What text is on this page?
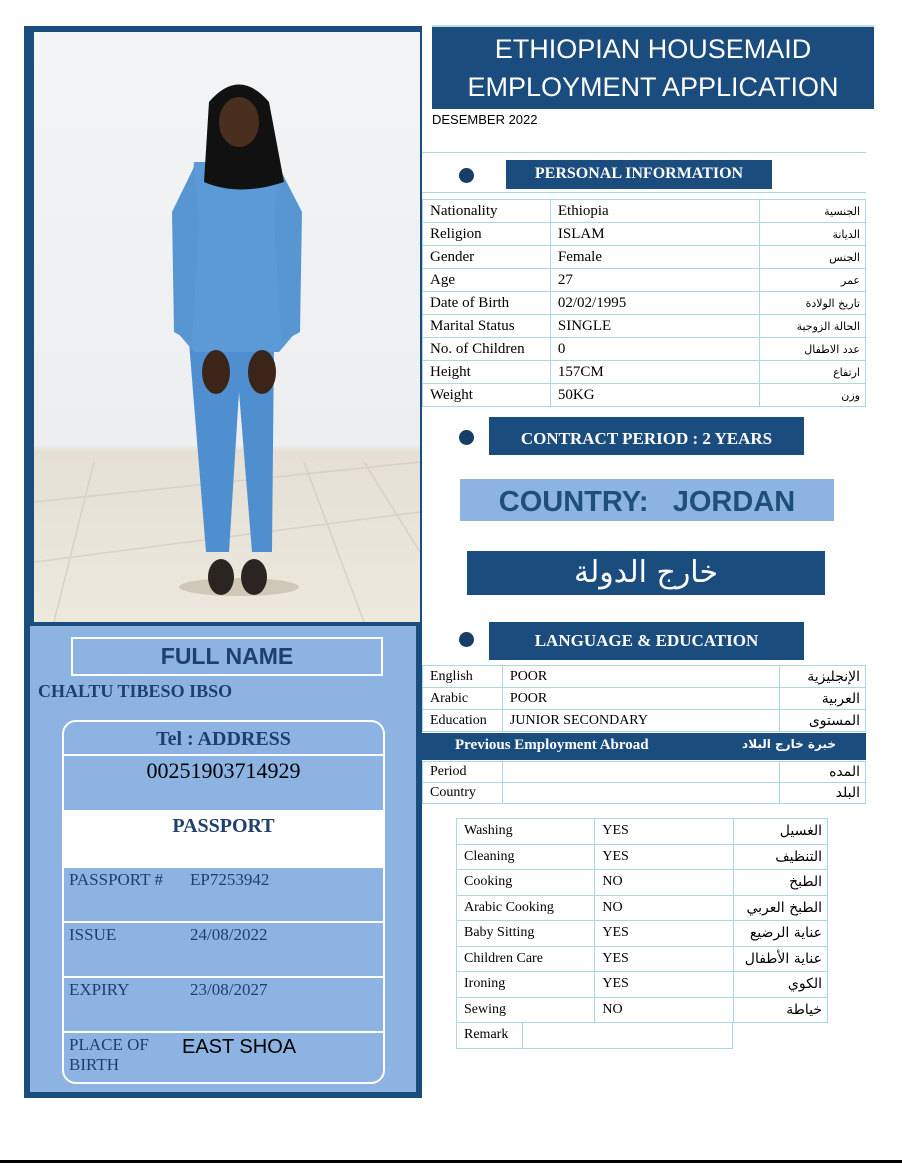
FULL NAME
CHALTU TIBESO IBSO
Tel : ADDRESS
00251903714929
PASSPORT
PASSPORT # EP7253942
ISSUE	24/08/2022
EXPIRY	23/08/2027
PLACE OF BIRTH
EAST SHOA
ETHIOPIAN HOUSEMAID
EMPLOYMENT APPLICATION
DESEMBER 2022
PERSONAL INFORMATION
Nationality	Ethiopia	الجنسية
Religion	ISLAM	الديانة
Gender	Female	الجنس
Age	27	عمر
Date of Birth	02/02/1995	تاريخ الولادة
Marital Status	SINGLE	الحالة الزوجية
No. of Children	0	عدد الاطفال
Height	157CM	ارتفاع
Weight	50KG	وزن
CONTRACT PERIOD : 2 YEARS
COUNTRY:   JORDAN
خارج الدولة
LANGUAGE & EDUCATION
English	POOR	الإنجليزية
Arabic	POOR	العربية
Education	JUNIOR SECONDARY	المستوى
Previous Employment Abroad	خبرة خارج البلاد
Period		المده
Country		البلد
Washing	YES	الغسيل
Cleaning	YES	التنظيف
Cooking	NO	الطبخ
Arabic Cooking	NO	الطبخ العربي
Baby Sitting	YES	عناية الرضيع
Children Care	YES	عناية الأطفال
Ironing	YES	الكوي
Sewing	NO	خياطة
Remark
